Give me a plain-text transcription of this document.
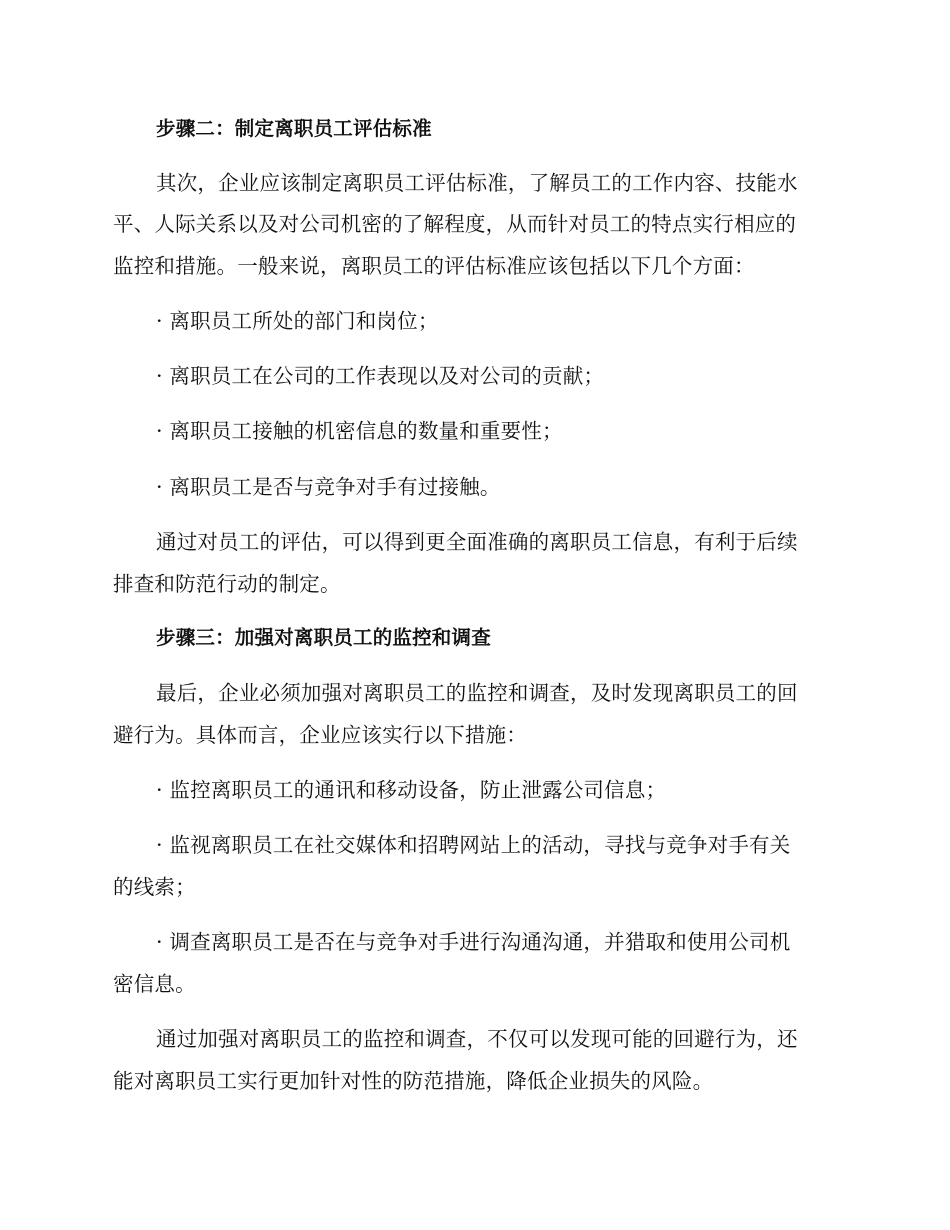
步骤二：制定离职员工评估标准
其次，企业应该制定离职员工评估标准，了解员工的工作内容、技能水
平、人际关系以及对公司机密的了解程度，从而针对员工的特点实行相应的
监控和措施。一般来说，离职员工的评估标准应该包括以下几个方面：
· 离职员工所处的部门和岗位；
· 离职员工在公司的工作表现以及对公司的贡献；
· 离职员工接触的机密信息的数量和重要性；
· 离职员工是否与竞争对手有过接触。
通过对员工的评估，可以得到更全面准确的离职员工信息，有利于后续
排查和防范行动的制定。
步骤三：加强对离职员工的监控和调查
最后，企业必须加强对离职员工的监控和调查，及时发现离职员工的回
避行为。具体而言，企业应该实行以下措施：
· 监控离职员工的通讯和移动设备，防止泄露公司信息；
· 监视离职员工在社交媒体和招聘网站上的活动，寻找与竞争对手有关
的线索；
· 调查离职员工是否在与竞争对手进行沟通沟通，并猎取和使用公司机
密信息。
通过加强对离职员工的监控和调查，不仅可以发现可能的回避行为，还
能对离职员工实行更加针对性的防范措施，降低企业损失的风险。
